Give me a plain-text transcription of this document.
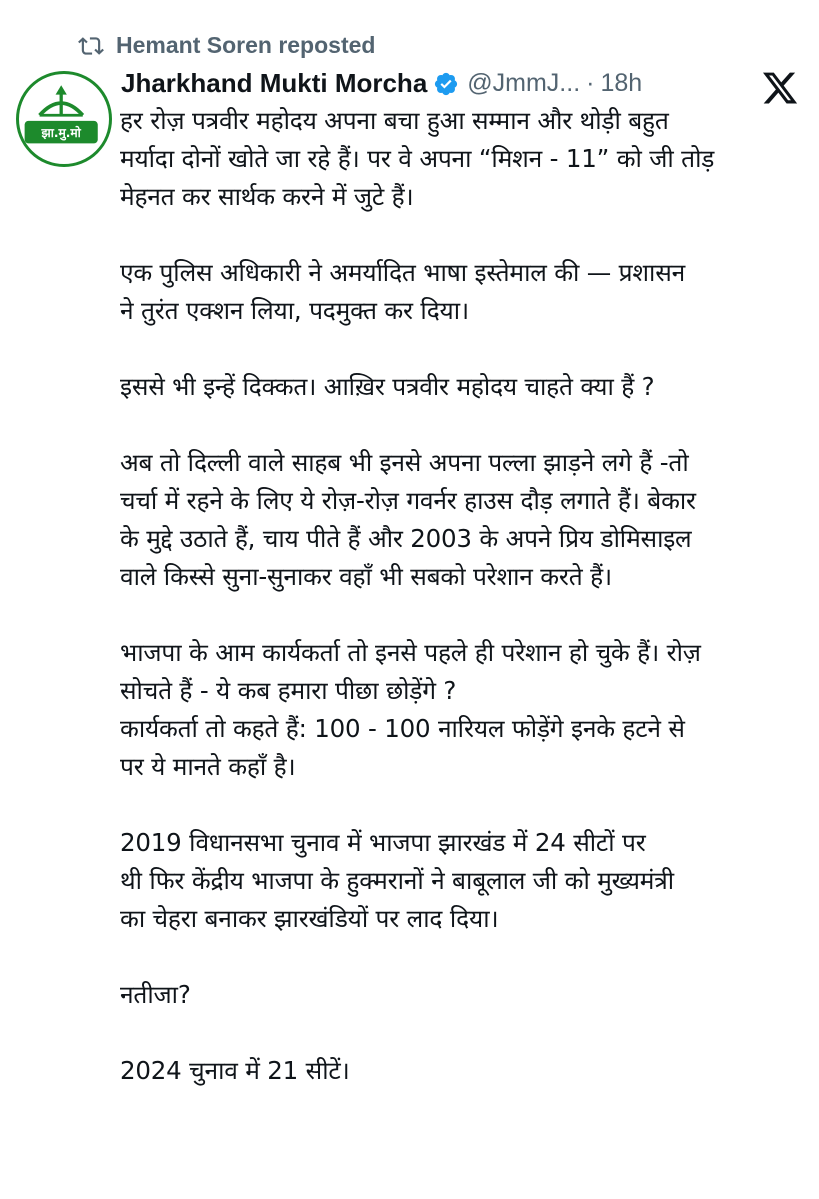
Hemant Soren reposted
झा.मु.मो
Jharkhand Mukti Morcha @JmmJ... · 18h
हर रोज़ पत्रवीर महोदय अपना बचा हुआ सम्मान और थोड़ी बहुत
मर्यादा दोनों खोते जा रहे हैं। पर वे अपना “मिशन - 11” को जी तोड़
मेहनत कर सार्थक करने में जुटे हैं।
एक पुलिस अधिकारी ने अमर्यादित भाषा इस्तेमाल की — प्रशासन
ने तुरंत एक्शन लिया, पदमुक्त कर दिया।
इससे भी इन्हें दिक्कत। आख़िर पत्रवीर महोदय चाहते क्या हैं ?
अब तो दिल्ली वाले साहब भी इनसे अपना पल्ला झाड़ने लगे हैं -तो
चर्चा में रहने के लिए ये रोज़-रोज़ गवर्नर हाउस दौड़ लगाते हैं। बेकार
के मुद्दे उठाते हैं, चाय पीते हैं और 2003 के अपने प्रिय डोमिसाइल
वाले किस्से सुना-सुनाकर वहाँ भी सबको परेशान करते हैं।
भाजपा के आम कार्यकर्ता तो इनसे पहले ही परेशान हो चुके हैं। रोज़
सोचते हैं - ये कब हमारा पीछा छोड़ेंगे ?
कार्यकर्ता तो कहते हैं: 100 - 100 नारियल फोड़ेंगे इनके हटने से
पर ये मानते कहाँ है।
2019 विधानसभा चुनाव में भाजपा झारखंड में 24 सीटों पर
थी फिर केंद्रीय भाजपा के हुक्मरानों ने बाबूलाल जी को मुख्यमंत्री
का चेहरा बनाकर झारखंडियों पर लाद दिया।
नतीजा?
2024 चुनाव में 21 सीटें।
